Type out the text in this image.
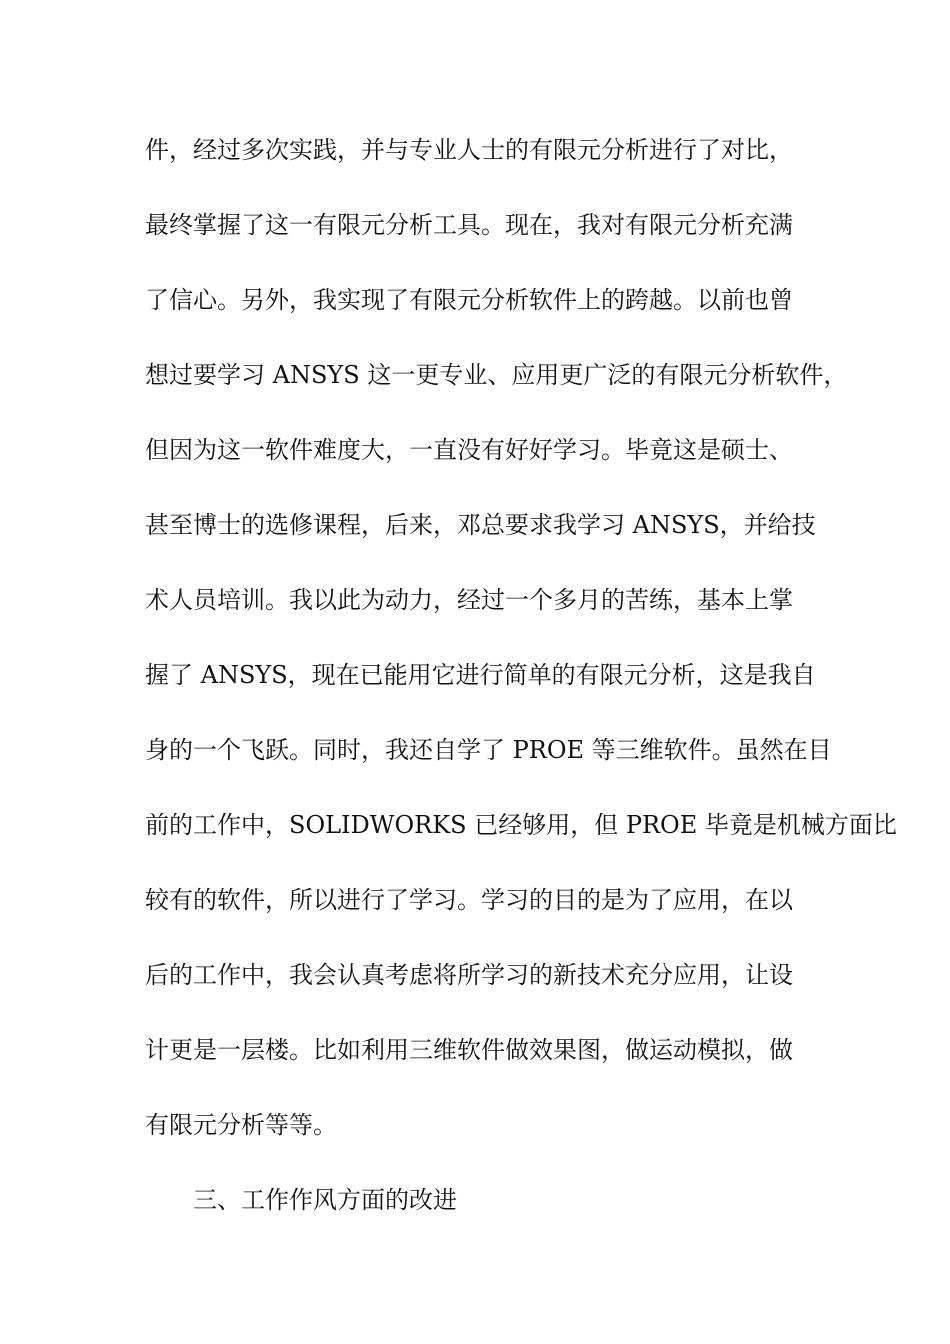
件，经过多次实践，并与专业人士的有限元分析进行了对比，
最终掌握了这一有限元分析工具。现在，我对有限元分析充满
了信心。另外，我实现了有限元分析软件上的跨越。以前也曾
想过要学习 ANSYS 这一更专业、应用更广泛的有限元分析软件，
但因为这一软件难度大，一直没有好好学习。毕竟这是硕士、
甚至博士的选修课程，后来，邓总要求我学习 ANSYS，并给技
术人员培训。我以此为动力，经过一个多月的苦练，基本上掌
握了 ANSYS，现在已能用它进行简单的有限元分析，这是我自
身的一个飞跃。同时，我还自学了 PROE 等三维软件。虽然在目
前的工作中，SOLIDWORKS 已经够用，但 PROE 毕竟是机械方面比
较有的软件，所以进行了学习。学习的目的是为了应用，在以
后的工作中，我会认真考虑将所学习的新技术充分应用，让设
计更是一层楼。比如利用三维软件做效果图，做运动模拟，做
有限元分析等等。
三、工作作风方面的改进
